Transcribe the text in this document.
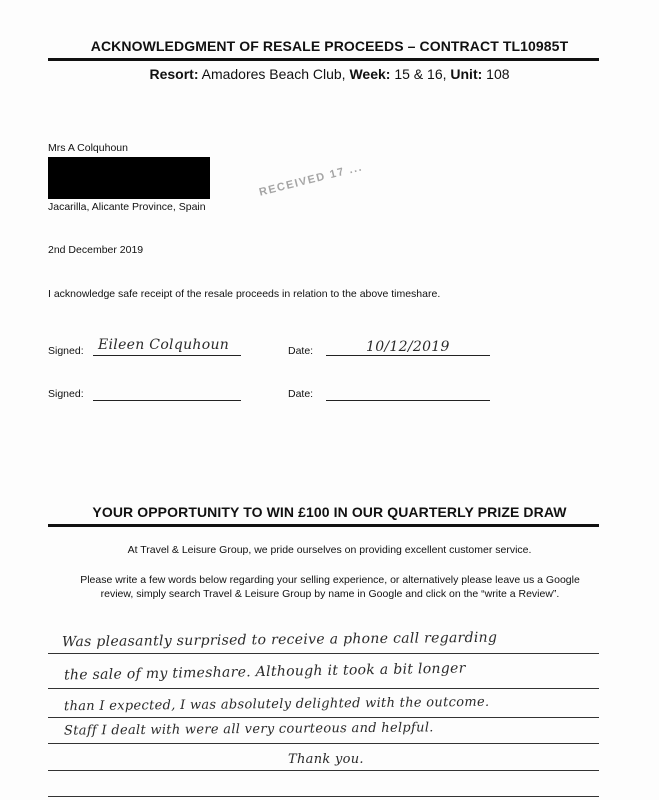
ACKNOWLEDGMENT OF RESALE PROCEEDS – CONTRACT TL10985T
Resort: Amadores Beach Club, Week: 15 & 16, Unit: 108
Mrs A Colquhoun
Jacarilla, Alicante Province, Spain
RECEIVED 17 ...
2nd December 2019
I acknowledge safe receipt of the resale proceeds in relation to the above timeshare.
Signed: Eileen Colquhoun	Date:	10/12/2019
Signed:	Date:
YOUR OPPORTUNITY TO WIN £100 IN OUR QUARTERLY PRIZE DRAW
At Travel & Leisure Group, we pride ourselves on providing excellent customer service.
Please write a few words below regarding your selling experience, or alternatively please leave us a Google
review, simply search Travel & Leisure Group by name in Google and click on the “write a Review”.
Was pleasantly surprised to receive a phone call regarding
the sale of my timeshare. Although it took a bit longer
than I expected, I was absolutely delighted with the outcome.
Staff I dealt with were all very courteous and helpful.
Thank you.
